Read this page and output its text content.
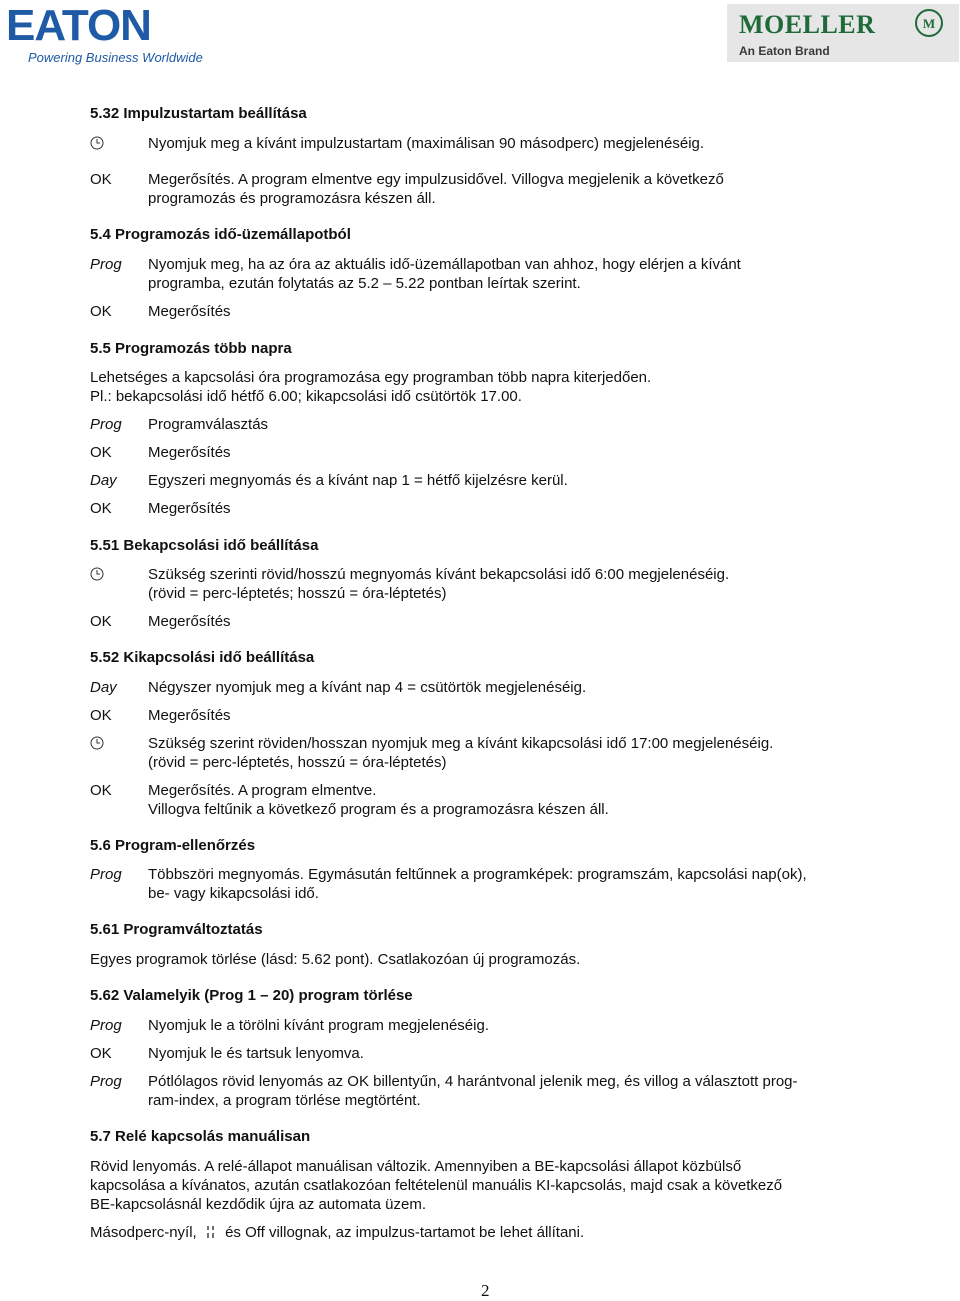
EATON
Powering Business Worldwide
MOELLER	M
An Eaton Brand
5.32 Impulzustartam beállítása
Nyomjuk meg a kívánt impulzustartam (maximálisan 90 másodperc) megjelenéséig.
OK	Megerősítés. A program elmentve egy impulzusidővel. Villogva megjelenik a következő
programozás és programozásra készen áll.
5.4 Programozás idő-üzemállapotból
Prog	Nyomjuk meg, ha az óra az aktuális idő-üzemállapotban van ahhoz, hogy elérjen a kívánt
programba, ezután folytatás az 5.2 – 5.22 pontban leírtak szerint.
OK	Megerősítés
5.5 Programozás több napra
Lehetséges a kapcsolási óra programozása egy programban több napra kiterjedően.
Pl.: bekapcsolási idő hétfő 6.00; kikapcsolási idő csütörtök 17.00.
Prog	Programválasztás
OK	Megerősítés
Day	Egyszeri megnyomás és a kívánt nap 1 = hétfő kijelzésre kerül.
OK	Megerősítés
5.51 Bekapcsolási idő beállítása
Szükség szerinti rövid/hosszú megnyomás kívánt bekapcsolási idő 6:00 megjelenéséig.
(rövid = perc-léptetés; hosszú = óra-léptetés)
OK	Megerősítés
5.52 Kikapcsolási idő beállítása
Day	Négyszer nyomjuk meg a kívánt nap 4 = csütörtök megjelenéséig.
OK	Megerősítés
Szükség szerint röviden/hosszan nyomjuk meg a kívánt kikapcsolási idő 17:00 megjelenéséig.
(rövid = perc-léptetés, hosszú = óra-léptetés)
OK	Megerősítés. A program elmentve.
Villogva feltűnik a következő program és a programozásra készen áll.
5.6 Program-ellenőrzés
Prog	Többszöri megnyomás. Egymásután feltűnnek a programképek: programszám, kapcsolási nap(ok),
be- vagy kikapcsolási idő.
5.61 Programváltoztatás
Egyes programok törlése (lásd: 5.62 pont). Csatlakozóan új programozás.
5.62 Valamelyik (Prog 1 – 20) program törlése
Prog	Nyomjuk le a törölni kívánt program megjelenéséig.
OK	Nyomjuk le és tartsuk lenyomva.
Prog	Pótlólagos rövid lenyomás az OK billentyűn, 4 harántvonal jelenik meg, és villog a választott prog-
ram-index, a program törlése megtörtént.
5.7 Relé kapcsolás manuálisan
Rövid lenyomás. A relé-állapot manuálisan változik. Amennyiben a BE-kapcsolási állapot közbülső
kapcsolása a kívánatos, azután csatlakozóan feltételenül manuális KI-kapcsolás, majd csak a következő
BE-kapcsolásnál kezdődik újra az automata üzem.
Másodperc-nyíl, és Off villognak, az impulzus-tartamot be lehet állítani.
2
